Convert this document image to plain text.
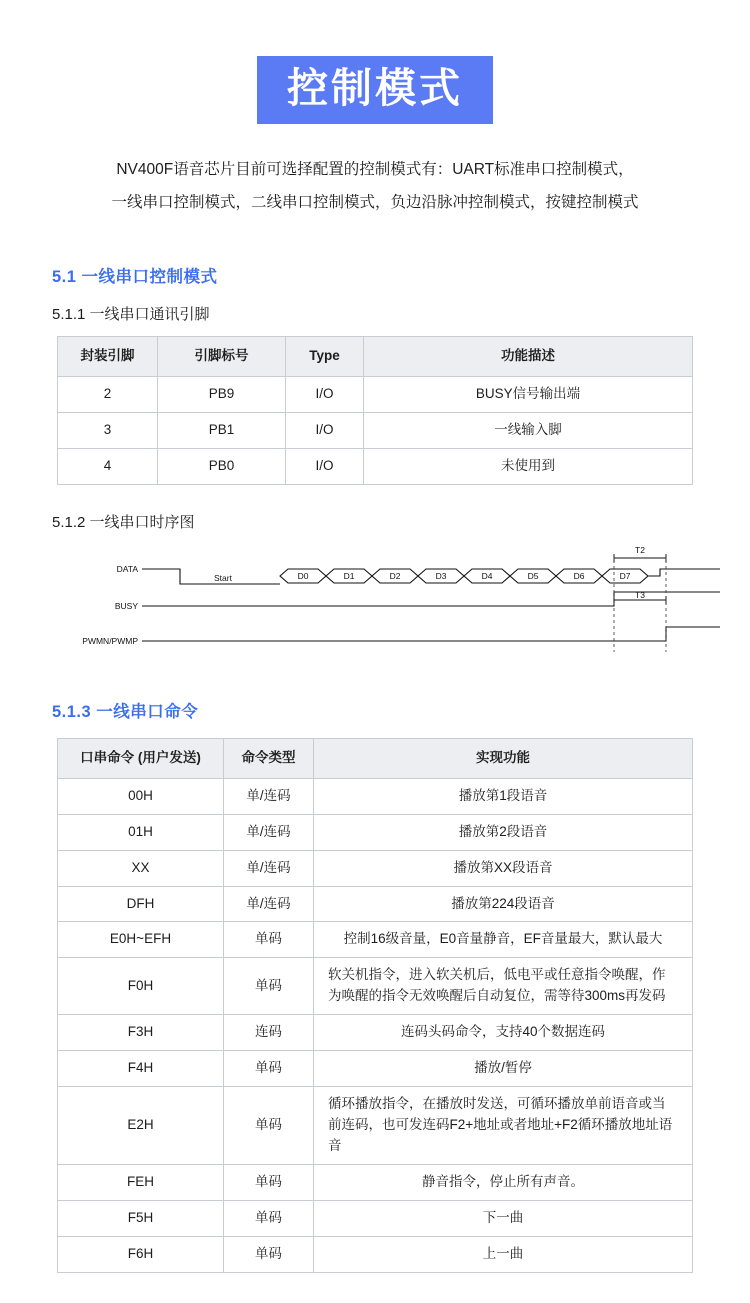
控制模式
NV400F语音芯片目前可选择配置的控制模式有：UART标准串口控制模式，
一线串口控制模式，二线串口控制模式，负边沿脉冲控制模式，按键控制模式
5.1 一线串口控制模式
5.1.1 一线串口通讯引脚
封装引脚	引脚标号	Type	功能描述
2	PB9	I/O	BUSY信号输出端
3	PB1	I/O	一线输入脚
4	PB0	I/O	未使用到
5.1.2 一线串口时序图
DATA
BUSY
PWMN/PWMP
Start	D0	D1	D2	D3	D4	D5	D6	D7
T2
T3
5.1.3 一线串口命令
口串命令 (用户发送)	命令类型	实现功能
00H	单/连码	播放第1段语音
01H	单/连码	播放第2段语音
XX	单/连码	播放第XX段语音
DFH	单/连码	播放第224段语音
E0H~EFH	单码	控制16级音量，E0音量静音，EF音量最大，默认最大
F0H	单码	软关机指令，进入软关机后，低电平或任意指令唤醒，作为唤醒的指令无效唤醒后自动复位，需等待300ms再发码
F3H	连码	连码头码命令，支持40个数据连码
F4H	单码	播放/暂停
E2H	单码	循环播放指令，在播放时发送，可循环播放单前语音或当前连码，也可发连码F2+地址或者地址+F2循环播放地址语音
FEH	单码	静音指令，停止所有声音。
F5H	单码	下一曲
F6H	单码	上一曲
